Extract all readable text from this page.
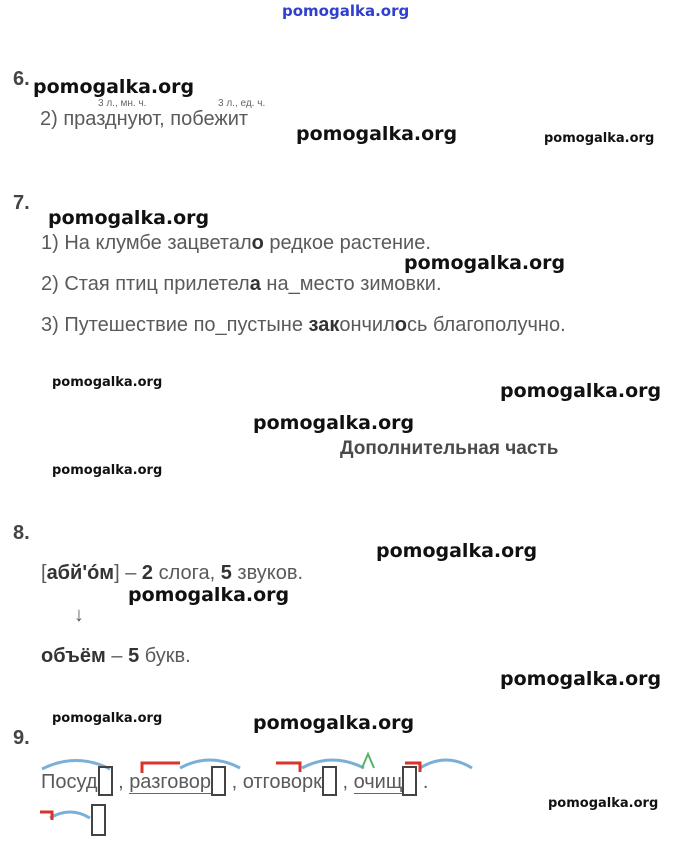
pomogalka.org
6. pomogalka.org
3 л., мн. ч.	3 л., ед. ч.
2) празднуют, побежит
pomogalka.org	pomogalka.org
7.
pomogalka.org
1) На клумбе зацветало редкое растение.
pomogalka.org
2) Стая птиц прилетела на_место зимовки.
3) Путешествие по_пустыне закончилось благополучно.
pomogalka.org	pomogalka.org
pomogalka.org
Дополнительная часть
pomogalka.org
8.
pomogalka.org
[абй'óм] – 2 слога, 5 звуков.
pomogalka.org
↓
объём – 5 букв.
pomogalka.org
pomogalka.org	pomogalka.org
9.
Посуд , разговор , отговорк , очищ .
pomogalka.org
